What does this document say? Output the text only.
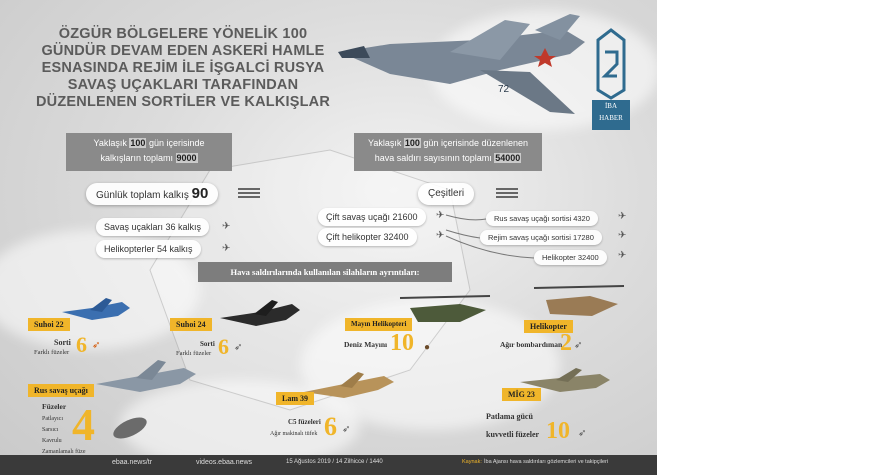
ÖZGÜR BÖLGELERE YÖNELİK 100 GÜNDÜR DEVAM EDEN ASKERİ HAMLE ESNASINDA REJİM İLE İŞGALCİ RUSYA SAVAŞ UÇAKLARI TARAFINDAN DÜZENLENEN SORTİLER VE KALKIŞLAR
72
İBA
HABER
Yaklaşık 100 gün içerisinde
kalkışların toplamı 9000
Yaklaşık 100 gün içerisinde düzenlenen
hava saldırı sayısının toplamı 54000
Günlük toplam kalkış 90
Savaş uçakları 36 kalkış	✈
Helikopterler 54 kalkış	✈
Çeşitleri
Çift savaş uçağı 21600	✈
Çift helikopter 32400	✈
Rus savaş uçağı sortisi 4320	✈
Rejim savaş uçağı sortisi 17280	✈
Helikopter 32400	✈
Hava saldırılarında kullanılan silahların ayrıntıları:
Suhoi 22
Sorti
Farklı füzeler 6 ➶
Suhoi 24
Sorti
Farklı füzeler 6 ➶
Mayın Helikopteri
Deniz Mayını 10 ●
Helikopter
Ağır bombardıman
2 ➶
Rus savaş uçağı
Füzeler
Patlayıcı
Sarsıcı
Kavrulu
Zamanlamalı füze
4
Lam 39
C5 füzeleri
Ağır makinalı tüfek 6 ➶
MİG 23
Patlama gücü
kuvvetli füzeler 10 ➶
ebaa.news/tr	videos.ebaa.news	15 Ağustos 2019 / 14 Zilhicce / 1440	Kaynak: İba Ajansı hava saldırıları gözlemcileri ve takipçileri
